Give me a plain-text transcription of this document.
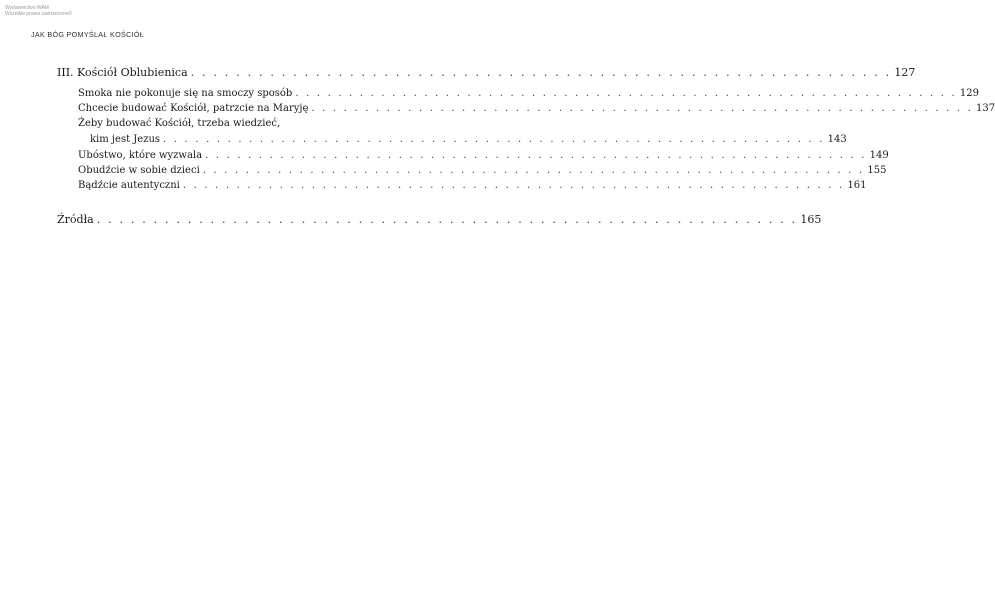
Wydawnictwo WAM
Wszelkie prawa zastrzeżone©
JAK BÓG POMYŚLAŁ KOŚCIÓŁ
III. Kościół Oblubienica . . . . . . . . . . . . . . . . . . . . . . . . . . . . . . . . . . . . . . . . . . . . . . . . . . . . . . . . . . . . . . 127
Smoka nie pokonuje się na smoczy sposób . . . . . . . . . . . . . . . . . . . . . . . . . . . . . . . . . . . . . . . . . . . . . . . . . . . . . . . . . . . . . . 129
Chcecie budować Kościół, patrzcie na Maryję . . . . . . . . . . . . . . . . . . . . . . . . . . . . . . . . . . . . . . . . . . . . . . . . . . . . . . . . . . . . . . 137
Żeby budować Kościół, trzeba wiedzieć,
kim jest Jezus . . . . . . . . . . . . . . . . . . . . . . . . . . . . . . . . . . . . . . . . . . . . . . . . . . . . . . . . . . . . . . 143
Ubóstwo, które wyzwala . . . . . . . . . . . . . . . . . . . . . . . . . . . . . . . . . . . . . . . . . . . . . . . . . . . . . . . . . . . . . . 149
Obudźcie w sobie dzieci . . . . . . . . . . . . . . . . . . . . . . . . . . . . . . . . . . . . . . . . . . . . . . . . . . . . . . . . . . . . . . 155
Bądźcie autentyczni . . . . . . . . . . . . . . . . . . . . . . . . . . . . . . . . . . . . . . . . . . . . . . . . . . . . . . . . . . . . . . 161
Źródła . . . . . . . . . . . . . . . . . . . . . . . . . . . . . . . . . . . . . . . . . . . . . . . . . . . . . . . . . . . . . . 165
